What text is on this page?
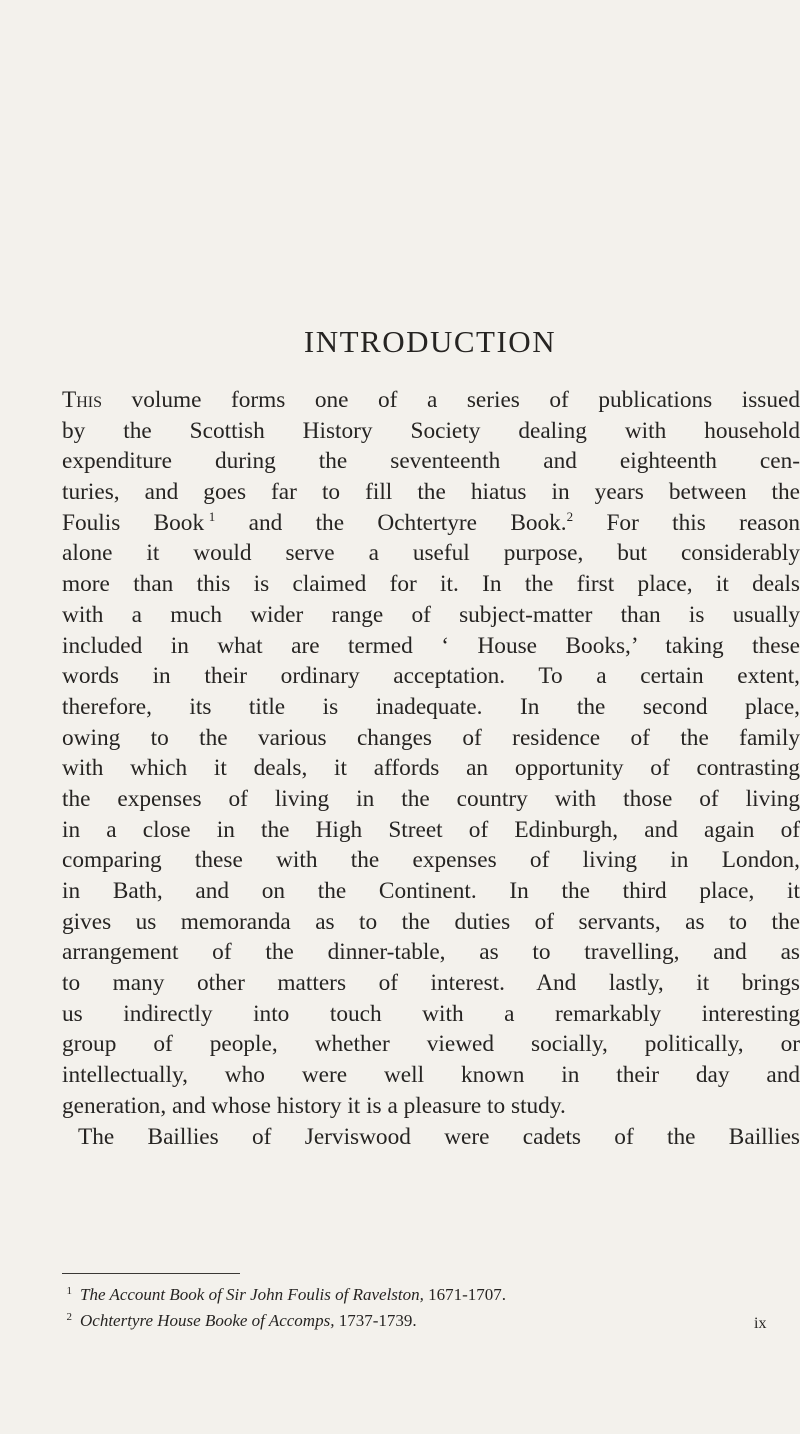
INTRODUCTION
This volume forms one of a series of publications issued
by the Scottish History Society dealing with household
expenditure during the seventeenth and eighteenth cen-
turies, and goes far to fill the hiatus in years between the
Foulis Book  $^1$ and the Ochtertyre Book.$^2$ For this reason
alone it would serve a useful purpose, but considerably
more than this is claimed for it. In the first place, it deals
with a much wider range of subject-matter than is usually
included in what are termed ‘ House Books,’ taking these
words in their ordinary acceptation. To a certain extent,
therefore, its title is inadequate. In the second place,
owing to the various changes of residence of the family
with which it deals, it affords an opportunity of contrasting
the expenses of living in the country with those of living
in a close in the High Street of Edinburgh, and again of
comparing these with the expenses of living in London,
in Bath, and on the Continent. In the third place, it
gives us memoranda as to the duties of servants, as to the
arrangement of the dinner-table, as to travelling, and as
to many other matters of interest. And lastly, it brings
us indirectly into touch with a remarkably interesting
group of people, whether viewed socially, politically, or
intellectually, who were well known in their day and
generation, and whose history it is a pleasure to study.
The Baillies of Jerviswood were cadets of the Baillies
1 The Account Book of Sir John Foulis of Ravelston, 1671-1707.
2 Ochtertyre House Booke of Accomps, 1737-1739.	ix
